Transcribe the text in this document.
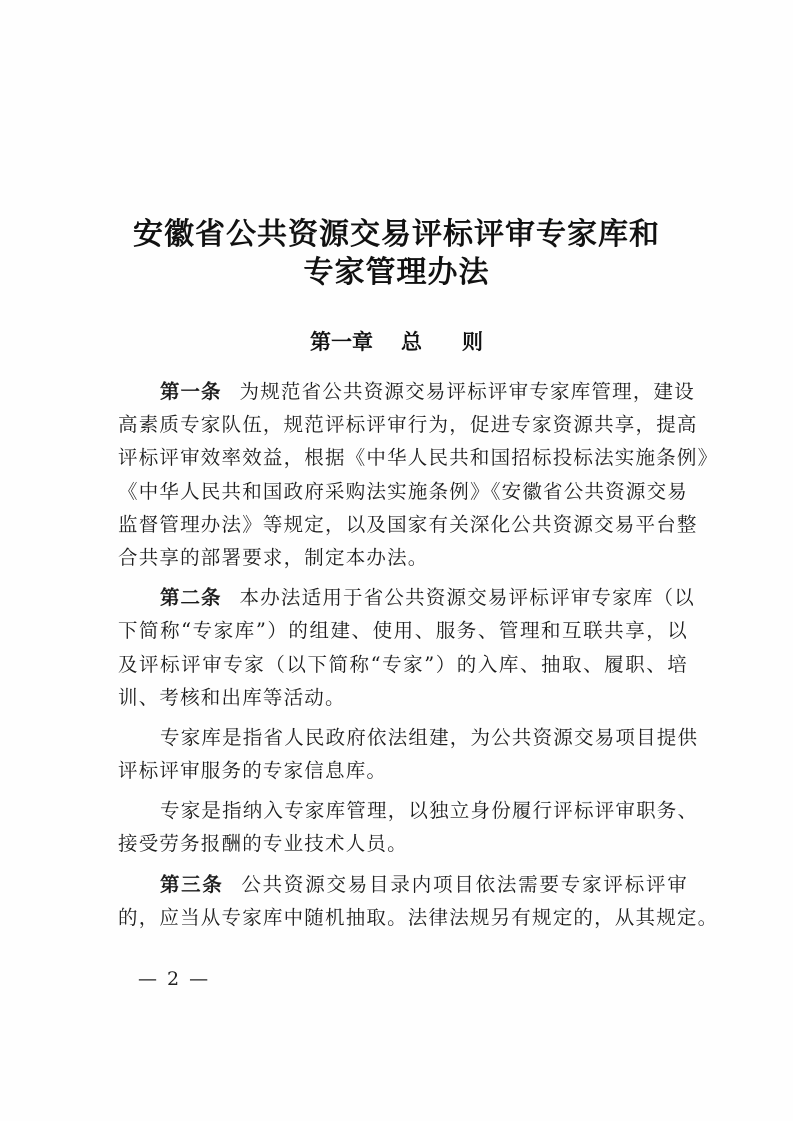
安徽省公共资源交易评标评审专家库和
专家管理办法
第一章 总 则
第一条 为规范省公共资源交易评标评审专家库管理，建设
高素质专家队伍，规范评标评审行为，促进专家资源共享，提高
评标评审效率效益，根据《中华人民共和国招标投标法实施条例》
《中华人民共和国政府采购法实施条例》《安徽省公共资源交易
监督管理办法》等规定，以及国家有关深化公共资源交易平台整
合共享的部署要求，制定本办法。
第二条 本办法适用于省公共资源交易评标评审专家库（以
下简称“专家库”）的组建、使用、服务、管理和互联共享，以
及评标评审专家（以下简称“专家”）的入库、抽取、履职、培
训、考核和出库等活动。
专家库是指省人民政府依法组建，为公共资源交易项目提供
评标评审服务的专家信息库。
专家是指纳入专家库管理，以独立身份履行评标评审职务、
接受劳务报酬的专业技术人员。
第三条 公共资源交易目录内项目依法需要专家评标评审
的，应当从专家库中随机抽取。法律法规另有规定的，从其规定。
— 2 —
